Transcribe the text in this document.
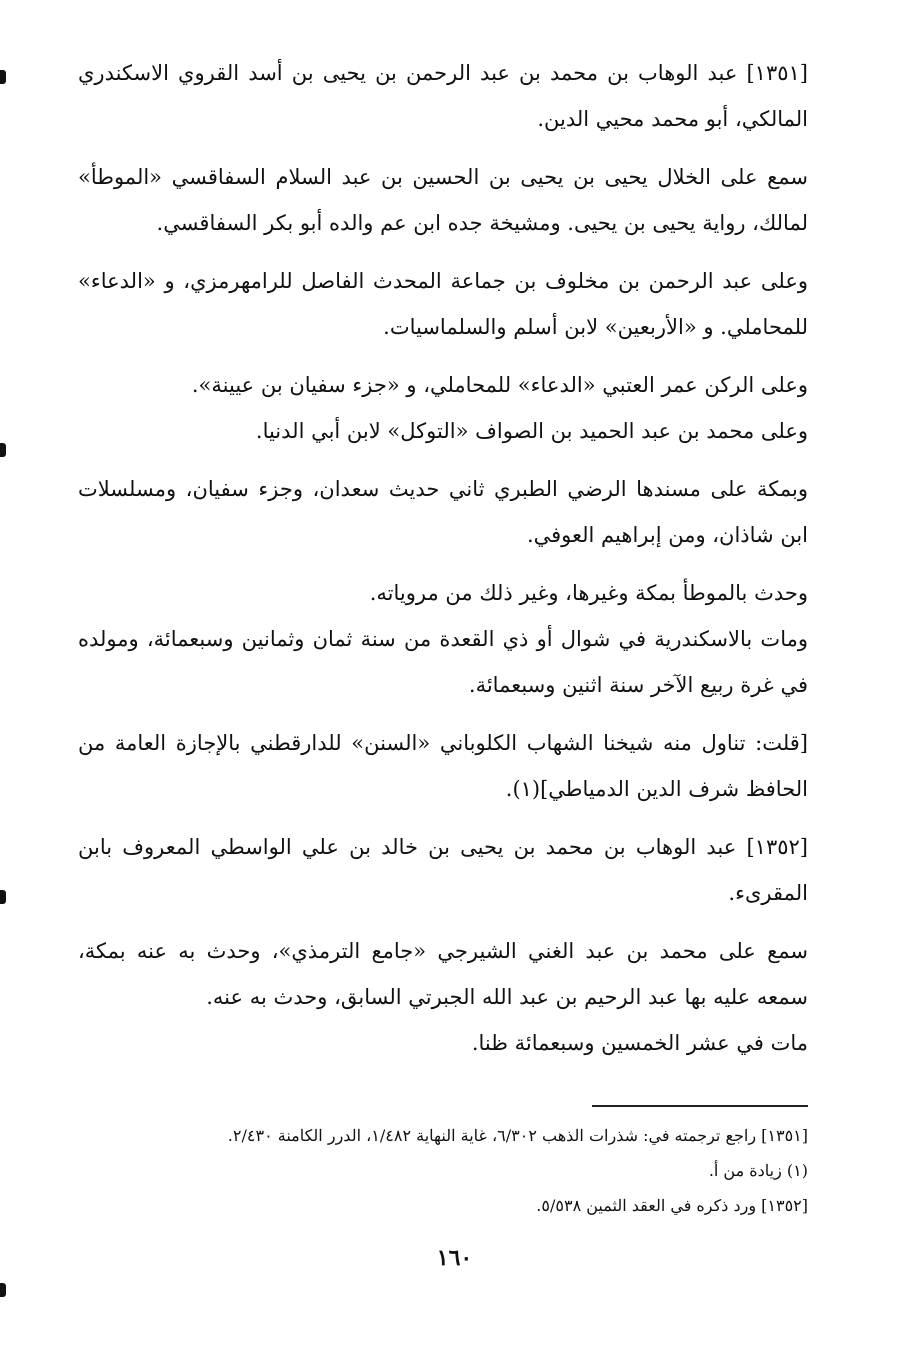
[١٣٥١] عبد الوهاب بن محمد بن عبد الرحمن بن يحيى بن أسد القروي الاسكندري المالكي، أبو محمد محيي الدين.

سمع على الخلال يحيى بن يحيى بن الحسين بن عبد السلام السفاقسي «الموطأ» لمالك، رواية يحيى بن يحيى. ومشيخة جده ابن عم والده أبو بكر السفاقسي.

وعلى عبد الرحمن بن مخلوف بن جماعة المحدث الفاصل للرامهرمزي، و «الدعاء» للمحاملي. و «الأربعين» لابن أسلم والسلماسيات.

وعلى الركن عمر العتبي «الدعاء» للمحاملي، و «جزء سفيان بن عيينة».

وعلى محمد بن عبد الحميد بن الصواف «التوكل» لابن أبي الدنيا.

وبمكة على مسندها الرضي الطبري ثاني حديث سعدان، وجزء سفيان، ومسلسلات ابن شاذان، ومن إبراهيم العوفي.

وحدث بالموطأ بمكة وغيرها، وغير ذلك من مروياته.

ومات بالاسكندرية في شوال أو ذي القعدة من سنة ثمان وثمانين وسبعمائة، ومولده في غرة ربيع الآخر سنة اثنين وسبعمائة.

[قلت: تناول منه شيخنا الشهاب الكلوباني «السنن» للدارقطني بالإجازة العامة من الحافظ شرف الدين الدمياطي](١).

[١٣٥٢] عبد الوهاب بن محمد بن يحيى بن خالد بن علي الواسطي المعروف بابن المقرىء.

سمع على محمد بن عبد الغني الشيرجي «جامع الترمذي»، وحدث به عنه بمكة، سمعه عليه بها عبد الرحيم بن عبد الله الجبرتي السابق، وحدث به عنه.

مات في عشر الخمسين وسبعمائة ظنا.

[١٣٥١] راجع ترجمته في: شذرات الذهب ٦/٣٠٢، غاية النهاية ١/٤٨٢، الدرر الكامنة ٢/٤٣٠.

(١) زيادة من أ.

[١٣٥٢] ورد ذكره في العقد الثمين ٥/٥٣٨.

١٦٠
